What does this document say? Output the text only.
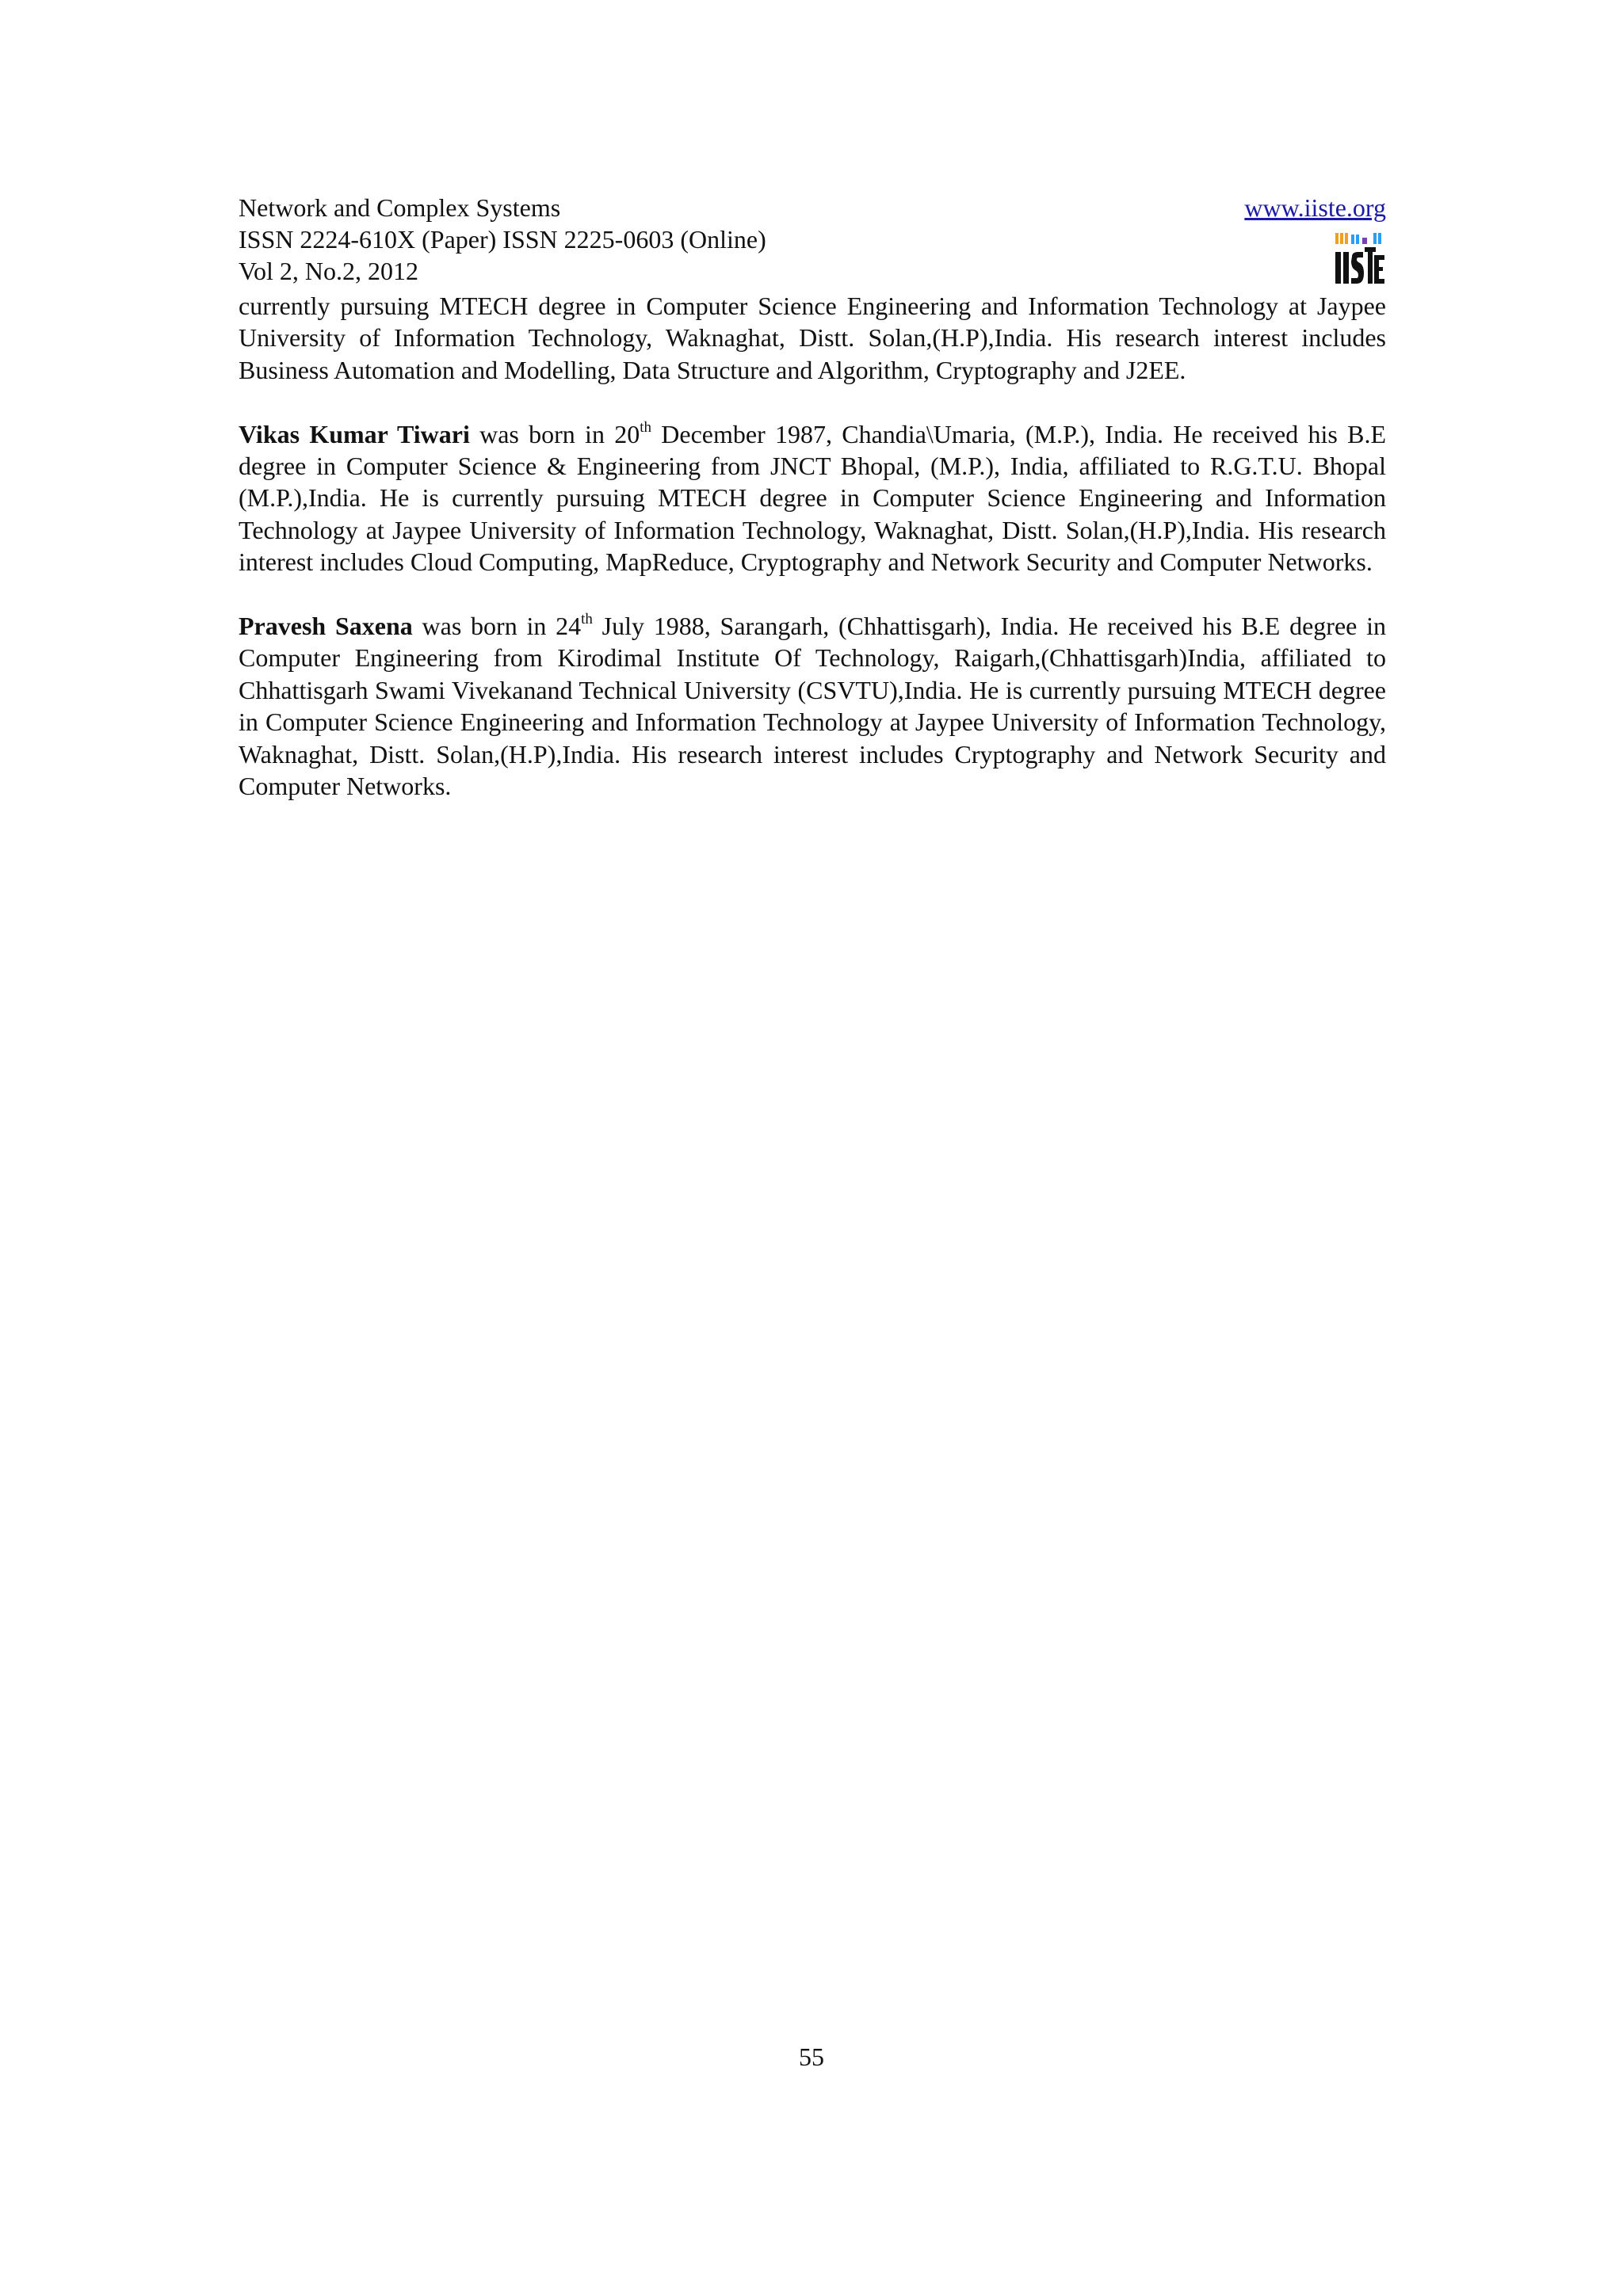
Network and Complex Systems
ISSN 2224-610X (Paper) ISSN 2225-0603 (Online)
Vol 2, No.2, 2012
www.iiste.org

currently pursuing MTECH degree in Computer Science Engineering and Information Technology at Jaypee University of Information Technology, Waknaghat, Distt. Solan,(H.P),India. His research interest includes Business Automation and Modelling, Data Structure and Algorithm, Cryptography and J2EE.

Vikas Kumar Tiwari was born in 20th December 1987, Chandia\Umaria, (M.P.), India. He received his B.E degree in Computer Science & Engineering from JNCT Bhopal, (M.P.), India, affiliated to R.G.T.U. Bhopal (M.P.),India. He is currently pursuing MTECH degree in Computer Science Engineering and Information Technology at Jaypee University of Information Technology, Waknaghat, Distt. Solan,(H.P),India. His research interest includes Cloud Computing, MapReduce, Cryptography and Network Security and Computer Networks.

Pravesh Saxena was born in 24th July 1988, Sarangarh, (Chhattisgarh), India. He received his B.E degree in Computer Engineering from Kirodimal Institute Of Technology, Raigarh,(Chhattisgarh)India, affiliated to Chhattisgarh Swami Vivekanand Technical University (CSVTU),India. He is currently pursuing MTECH degree in Computer Science Engineering and Information Technology at Jaypee University of Information Technology, Waknaghat, Distt. Solan,(H.P),India. His research interest includes Cryptography and Network Security and Computer Networks.

55
